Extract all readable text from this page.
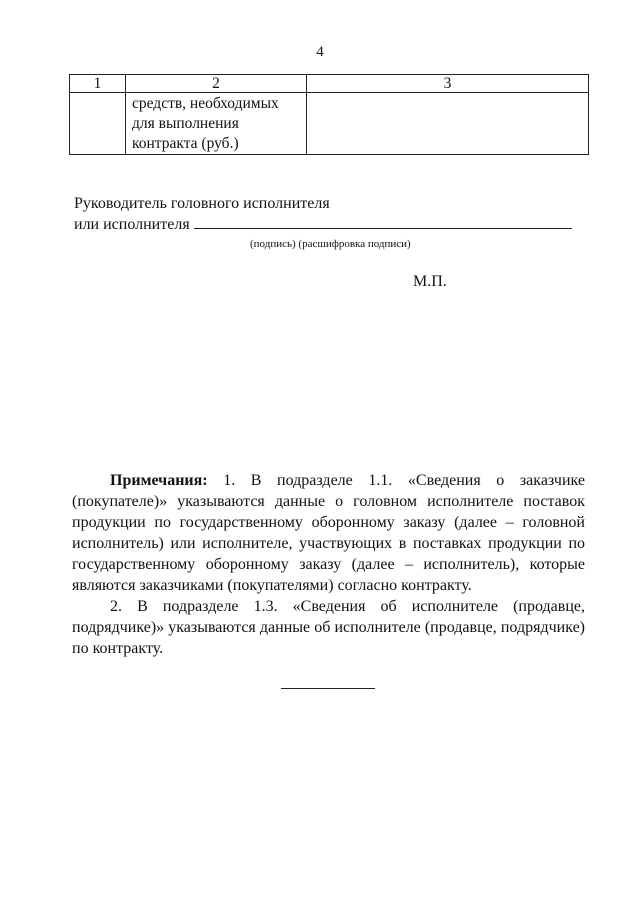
4
1	2	3

	средств, необходимых
для выполнения
контракта (руб.)	

Руководитель головного исполнителя
или исполнителя
(подпись) (расшифровка подписи)
М.П.

Примечания: 1. В подразделе 1.1. «Сведения о заказчике (покупателе)» указываются данные о головном исполнителе поставок продукции по государственному оборонному заказу (далее – головной исполнитель) или исполнителе, участвующих в поставках продукции по государственному оборонному заказу (далее – исполнитель), которые являются заказчиками (покупателями) согласно контракту.

2. В подразделе 1.3. «Сведения об исполнителе (продавце, подрядчике)» указываются данные об исполнителе (продавце, подрядчике) по контракту.
